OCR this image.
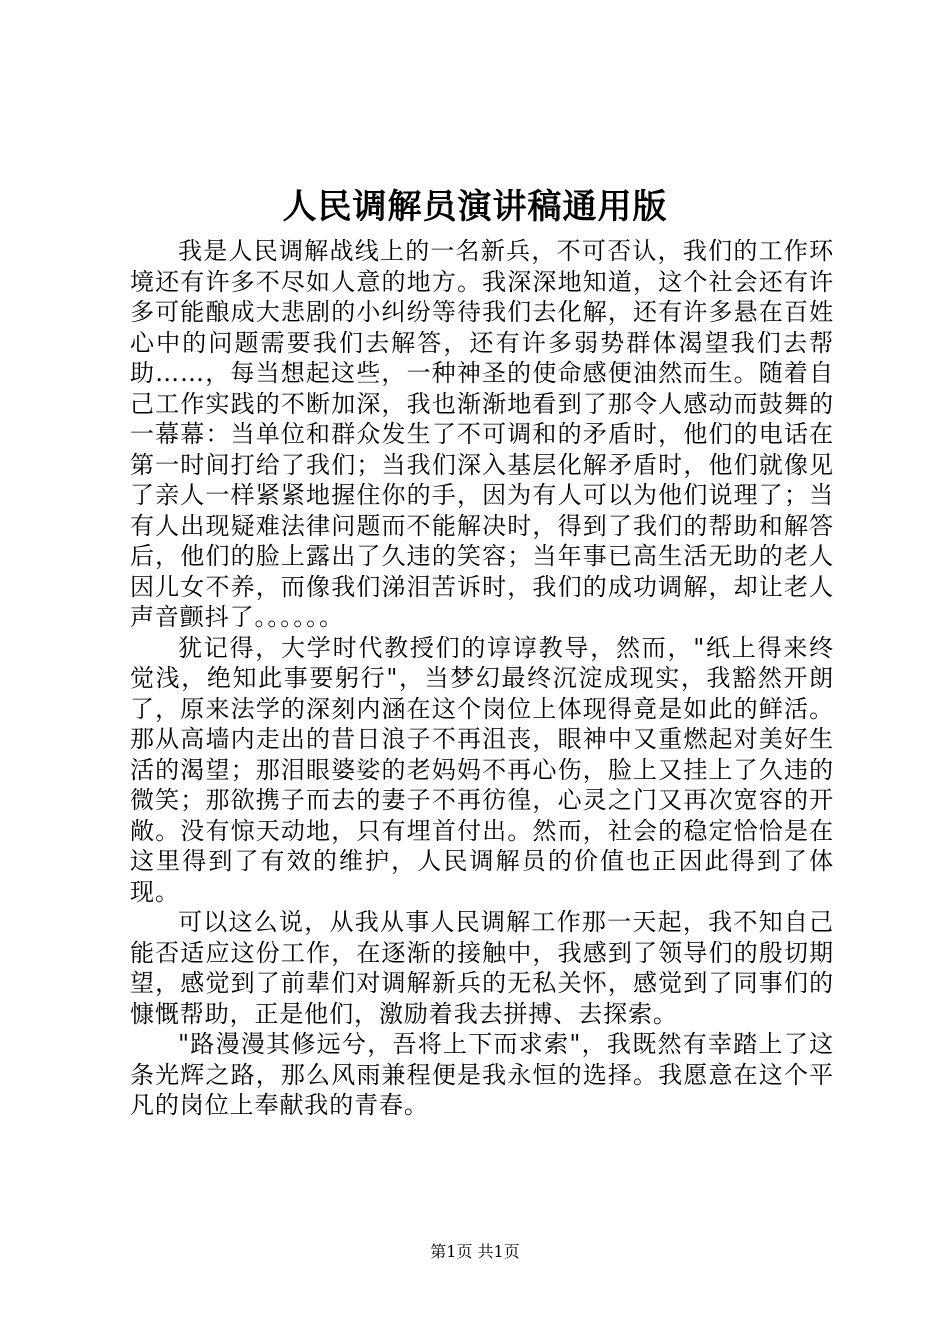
人民调解员演讲稿通用版

我是人民调解战线上的一名新兵，不可否认，我们的工作环境还有许多不尽如人意的地方。我深深地知道，这个社会还有许多可能酿成大悲剧的小纠纷等待我们去化解，还有许多悬在百姓心中的问题需要我们去解答，还有许多弱势群体渴望我们去帮助……，每当想起这些，一种神圣的使命感便油然而生。随着自己工作实践的不断加深，我也渐渐地看到了那令人感动而鼓舞的一幕幕：当单位和群众发生了不可调和的矛盾时，他们的电话在第一时间打给了我们；当我们深入基层化解矛盾时，他们就像见了亲人一样紧紧地握住你的手，因为有人可以为他们说理了；当有人出现疑难法律问题而不能解决时，得到了我们的帮助和解答后，他们的脸上露出了久违的笑容；当年事已高生活无助的老人因儿女不养，而像我们涕泪苦诉时，我们的成功调解，却让老人声音颤抖了。。。。。。

犹记得，大学时代教授们的谆谆教导，然而，"纸上得来终觉浅，绝知此事要躬行"，当梦幻最终沉淀成现实，我豁然开朗了，原来法学的深刻内涵在这个岗位上体现得竟是如此的鲜活。那从高墙内走出的昔日浪子不再沮丧，眼神中又重燃起对美好生活的渴望；那泪眼婆娑的老妈妈不再心伤，脸上又挂上了久违的微笑；那欲携子而去的妻子不再彷徨，心灵之门又再次宽容的开敞。没有惊天动地，只有埋首付出。然而，社会的稳定恰恰是在这里得到了有效的维护，人民调解员的价值也正因此得到了体现。

可以这么说，从我从事人民调解工作那一天起，我不知自己能否适应这份工作，在逐渐的接触中，我感到了领导们的殷切期望，感觉到了前辈们对调解新兵的无私关怀，感觉到了同事们的慷慨帮助，正是他们，激励着我去拼搏、去探索。

"路漫漫其修远兮，吾将上下而求索"，我既然有幸踏上了这条光辉之路，那么风雨兼程便是我永恒的选择。我愿意在这个平凡的岗位上奉献我的青春。

第1页 共1页
